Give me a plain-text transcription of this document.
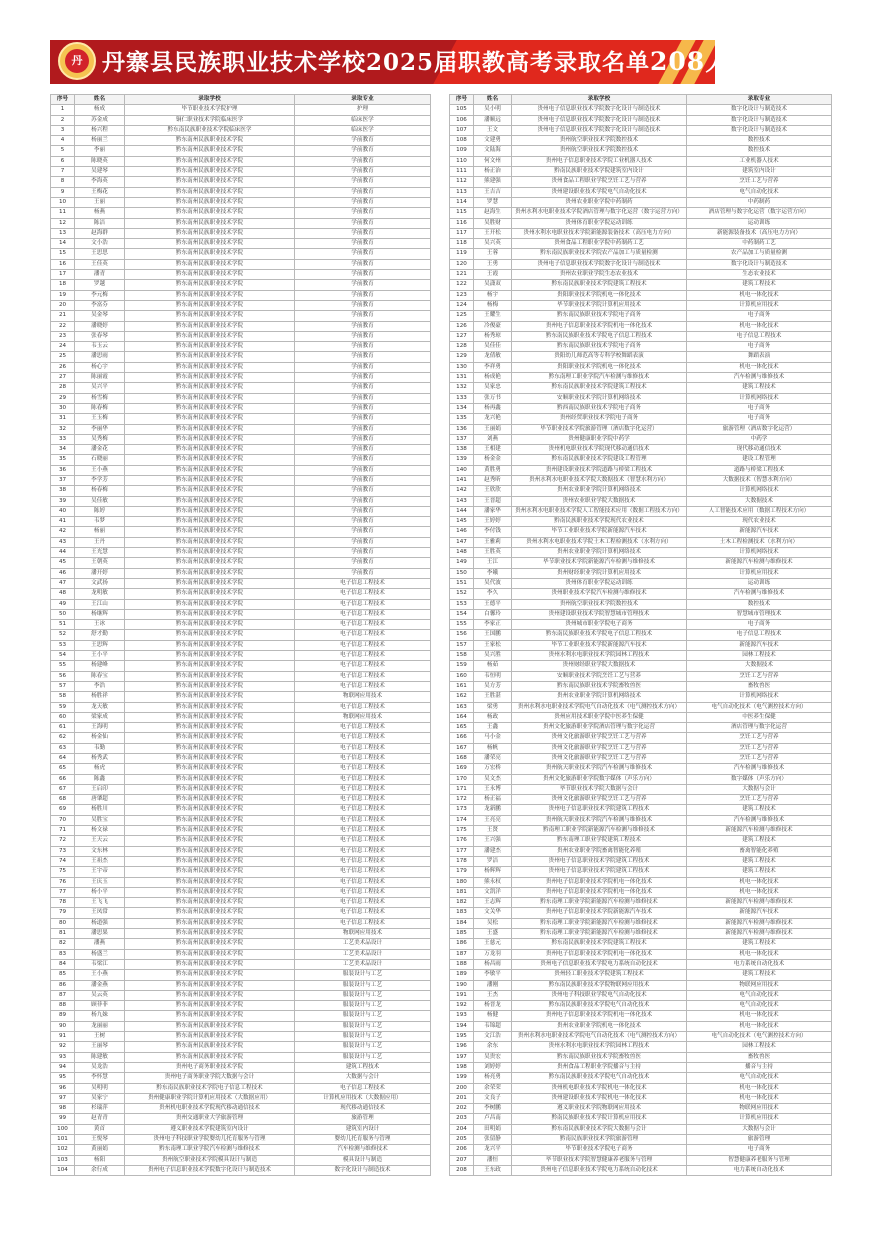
丹 丹寨县民族职业技术学校2025届职教高考录取名单208人
序号	姓名	录取学校	录取专业
1	杨成	毕节职业技术学院护理	护理
2	苏金成	铜仁职业技术学院临床医学	临床医学
3	杨兴程	黔东南民族职业技术学院临床医学	临床医学
4	杨丽兰	黔东南州民族职业技术学院	学前教育
5	李丽	黔东南州民族职业技术学院	学前教育
6	陈晓英	黔东南州民族职业技术学院	学前教育
7	吴建琴	黔东南州民族职业技术学院	学前教育
8	李海英	黔东南州民族职业技术学院	学前教育
9	王梅花	黔东南州民族职业技术学院	学前教育
10	王丽	黔东南州民族职业技术学院	学前教育
11	杨燕	黔东南州民族职业技术学院	学前教育
12	陈洁	黔东南州民族职业技术学院	学前教育
13	赵海群	黔东南州民族职业技术学院	学前教育
14	文小浩	黔东南州民族职业技术学院	学前教育
15	王思思	黔东南州民族职业技术学院	学前教育
16	王佳英	黔东南州民族职业技术学院	学前教育
17	潘青	黔东南州民族职业技术学院	学前教育
18	罗越	黔东南州民族职业技术学院	学前教育
19	李元梅	黔东南州民族职业技术学院	学前教育
20	李富芬	黔东南州民族职业技术学院	学前教育
21	吴金琴	黔东南州民族职业技术学院	学前教育
22	潘晓婷	黔东南州民族职业技术学院	学前教育
23	张春琴	黔东南州民族职业技术学院	学前教育
24	韦玉云	黔东南州民族职业技术学院	学前教育
25	潘思雨	黔东南州民族职业技术学院	学前教育
26	杨心宇	黔东南州民族职业技术学院	学前教育
27	陈丽霞	黔东南州民族职业技术学院	学前教育
28	吴兴平	黔东南州民族职业技术学院	学前教育
29	杨雪梅	黔东南州民族职业技术学院	学前教育
30	陈春梅	黔东南州民族职业技术学院	学前教育
31	王玉梅	黔东南州民族职业技术学院	学前教育
32	李丽华	黔东南州民族职业技术学院	学前教育
33	吴秀梅	黔东南州民族职业技术学院	学前教育
34	潘金花	黔东南州民族职业技术学院	学前教育
35	石晓丽	黔东南州民族职业技术学院	学前教育
36	王小燕	黔东南州民族职业技术学院	学前教育
37	李学芳	黔东南州民族职业技术学院	学前教育
38	杨春梅	黔东南州民族职业技术学院	学前教育
39	吴佳敏	黔东南州民族职业技术学院	学前教育
40	陈婷	黔东南州民族职业技术学院	学前教育
41	韦梦	黔东南州民族职业技术学院	学前教育
42	杨丽	黔东南州民族职业技术学院	学前教育
43	王丹	黔东南州民族职业技术学院	学前教育
44	王光慧	黔东南州民族职业技术学院	学前教育
45	王朝英	黔东南州民族职业技术学院	学前教育
46	潘开婷	黔东南州民族职业技术学院	学前教育
47	文武扬	黔东南州民族职业技术学院	电子信息工程技术
48	龙明敏	黔东南州民族职业技术学院	电子信息工程技术
49	王江山	黔东南州民族职业技术学院	电子信息工程技术
50	杨继辉	黔东南州民族职业技术学院	电子信息工程技术
51	王冰	黔东南州民族职业技术学院	电子信息工程技术
52	舒才勤	黔东南州民族职业技术学院	电子信息工程技术
53	王思辉	黔东南州民族职业技术学院	电子信息工程技术
54	王小平	黔东南州民族职业技术学院	电子信息工程技术
55	杨建峰	黔东南州民族职业技术学院	电子信息工程技术
56	陈春宝	黔东南州民族职业技术学院	电子信息工程技术
57	李浩	黔东南州民族职业技术学院	电子信息工程技术
58	杨胜祥	黔东南州民族职业技术学院	物联网应用技术
59	龙天敏	黔东南州民族职业技术学院	电子信息工程技术
60	梁家成	黔东南州民族职业技术学院	物联网应用技术
61	王海明	黔东南州民族职业技术学院	电子信息工程技术
62	杨金仙	黔东南州民族职业技术学院	电子信息工程技术
63	韦勤	黔东南州民族职业技术学院	电子信息工程技术
64	杨秀武	黔东南州民族职业技术学院	电子信息工程技术
65	杨虎	黔东南州民族职业技术学院	电子信息工程技术
66	陈鑫	黔东南州民族职业技术学院	电子信息工程技术
67	王启印	黔东南州民族职业技术学院	电子信息工程技术
68	唐肇超	黔东南州民族职业技术学院	电子信息工程技术
69	杨胜川	黔东南州民族职业技术学院	电子信息工程技术
70	吴胜宝	黔东南州民族职业技术学院	电子信息工程技术
71	杨文禄	黔东南州民族职业技术学院	电子信息工程技术
72	王天云	黔东南州民族职业技术学院	电子信息工程技术
73	文东林	黔东南州民族职业技术学院	电子信息工程技术
74	王祖杰	黔东南州民族职业技术学院	电子信息工程技术
75	王宇帝	黔东南州民族职业技术学院	电子信息工程技术
76	王庆玉	黔东南州民族职业技术学院	电子信息工程技术
77	杨小平	黔东南州民族职业技术学院	电子信息工程技术
78	王飞飞	黔东南州民族职业技术学院	电子信息工程技术
79	王凤常	黔东南州民族职业技术学院	电子信息工程技术
80	杨道强	黔东南州民族职业技术学院	电子信息工程技术
81	潘思果	黔东南州民族职业技术学院	物联网应用技术
82	潘燕	黔东南州民族职业技术学院	工艺美术品设计
83	杨盛兰	黔东南州民族职业技术学院	工艺美术品设计
84	韦梁江	黔东南州民族职业技术学院	工艺美术品设计
85	王小燕	黔东南州民族职业技术学院	服装设计与工艺
86	潘金燕	黔东南州民族职业技术学院	服装设计与工艺
87	吴云英	黔东南州民族职业技术学院	服装设计与工艺
88	顾菲菲	黔东南州民族职业技术学院	服装设计与工艺
89	杨九妹	黔东南州民族职业技术学院	服装设计与工艺
90	龙丽丽	黔东南州民族职业技术学院	服装设计与工艺
91	王树	黔东南州民族职业技术学院	服装设计与工艺
92	王丽琴	黔东南州民族职业技术学院	服装设计与工艺
93	陈建敏	黔东南州民族职业技术学院	服装设计与工艺
94	吴龙浩	贵州电子商务职业技术学院	建筑工程技术
95	李怀慧	贵州电子商务职业学院大数据与会计	大数据与会计
96	吴明明	黔东南民族职业技术学院电子信息工程技术	电子信息工程技术
97	吴家宁	贵州健康职业学院计算机应用技术（大数据应用）	计算机应用技术（大数据应用）
98	杉瑞萍	贵州机电职业技术学院现代移动通信技术	现代移动通信技术
99	赵青青	贵州交通职业大学旅游管理	旅游管理
100	黄首	遵义职业技术学院建筑室内设计	建筑室内设计
101	王悦琴	贵州电子科技职业学院婴幼儿托育服务与管理	婴幼儿托育服务与管理
102	黄丽娟	黔东南理工职业学院汽车检测与维修技术	汽车检测与维修技术
103	杨阳	贵州航空职业技术学院模具设计与制造	模具设计与制造
104	余行成	贵州电子信息职业技术学院数字化设计与制造技术	数字化设计与制造技术
序号	姓名	录取学校	录取专业
105	吴小明	贵州电子信息职业技术学院数字化设计与制造技术	数字化设计与制造技术
106	潘顺远	贵州电子信息职业技术学院数字化设计与制造技术	数字化设计与制造技术
107	王文	贵州电子信息职业技术学院数字化设计与制造技术	数字化设计与制造技术
108	文建勇	贵州航空职业技术学院数控技术	数控技术
109	文陆海	贵州航空职业技术学院数控技术	数控技术
110	何文州	贵州电子信息职业技术学院工业机器人技术	工业机器人技术
111	杨正治	黔南民族职业技术学院建筑室内设计	建筑室内设计
112	熊建强	贵州食品工程职业学院烹饪工艺与营养	烹饪工艺与营养
113	王吉吉	贵州建设职业技术学院电气自动化技术	电气自动化技术
114	罗慧	贵州农业职业学院中药制药	中药制药
115	赵海生	贵州水利水电职业技术学院酒店管理与数字化运营（数字运营方向）	酒店管理与数字化运营（数字运营方向）
116	吴胜财	贵州体育职业学院运动训练	运动训练
117	王开松	贵州水利水电职业技术学院新能源装备技术（高压电力方向）	新能源装备技术（高压电力方向）
118	吴兴英	贵州食品工程职业学院中药制药工艺	中药制药工艺
119	王蓉	黔东南民族职业技术学院农产品加工与质量检测	农产品加工与质量检测
120	王勇	贵州电子信息职业技术学院数字化设计与制造技术	数字化设计与制造技术
121	王霞	贵州农业职业学院生态农业技术	生态农业技术
122	吴潇双	黔东南民族职业技术学院建筑工程技术	建筑工程技术
123	杨宇	贵阳职业技术学院机电一体化技术	机电一体化技术
124	杨梅	毕节职业技术学院计算机应用技术	计算机应用技术
125	王耀生	黔东南民族职业技术学院电子商务	电子商务
126	冷俊豪	贵州电子信息职业技术学院机电一体化技术	机电一体化技术
127	杨秀琼	黔东南民族职业技术学院电子信息工程技术	电子信息工程技术
128	吴佳佳	黔东南民族职业技术学院电子商务	电子商务
129	龙倩敏	贵阳幼儿师范高等专科学校舞蹈表演	舞蹈表演
130	李祥勇	贵阳职业技术学院机电一体化技术	机电一体化技术
131	杨成艳	黔东南理工职业学院汽车检测与维修技术	汽车检测与维修技术
132	吴家忠	黔东南民族职业技术学院建筑工程技术	建筑工程技术
133	张万书	安顺职业技术学院计算机网络技术	计算机网络技术
134	杨再鑫	黔西南民族职业技术学院电子商务	电子商务
135	龙兴艳	贵州经贸职业技术学院电子商务	电子商务
136	王丽娟	毕节职业技术学院旅游管理（酒店数字化运营）	旅游管理（酒店数字化运营）
137	刘燕	贵州健康职业学院中药学	中药学
138	王相建	贵州机电职业技术学院现代移动通信技术	现代移动通信技术
139	杨金金	黔东南民族职业技术学院建设工程管理	建设工程管理
140	黄胜勇	贵州建设职业技术学院道路与桥梁工程技术	道路与桥梁工程技术
141	赵秀昕	贵州水利水电职业技术学院大数据技术（智慧水利方向）	大数据技术（智慧水利方向）
142	王欣欣	贵州农业职业学院计算机网络技术	计算机网络技术
143	王晋超	贵州农业职业学院大数据技术	大数据技术
144	潘家华	贵州水利水电职业技术学院人工智能技术应用（数据工程技术方向）	人工智能技术应用（数据工程技术方向）
145	王婷婷	黔南民族职业技术学院现代农业技术	现代农业技术
146	李付钱	毕节工业职业技术学院新能源汽车技术	新能源汽车技术
147	王雅莉	贵州水利水电职业技术学院土木工程检测技术（水利方向）	土木工程检测技术（水利方向）
148	王胜英	贵州农业职业学院计算机网络技术	计算机网络技术
149	王江	毕节职业技术学院新能源汽车检测与维修技术	新能源汽车检测与维修技术
150	李娥	贵州财经职业学院计算机应用技术	计算机应用技术
151	吴代波	贵州体育职业学院运动训练	运动训练
152	李久	贵州职业技术学院汽车检测与维修技术	汽车检测与维修技术
153	王德平	贵州航空职业技术学院数控技术	数控技术
154	白馨玲	贵州建设职业技术学院智慧城市管理技术	智慧城市管理技术
155	李家正	贵州城市职业学院电子商务	电子商务
156	王国鹏	黔东南民族职业技术学院电子信息工程技术	电子信息工程技术
157	王家松	毕节工业职业技术学院新能源汽车技术	新能源汽车技术
158	吴兴胜	贵州水利水电职业技术学院园林工程技术	园林工程技术
159	杨茹	贵州财经职业学院大数据技术	大数据技术
160	韦恒明	安顺职业技术学院烹饪工艺与营养	烹饪工艺与营养
161	吴方芳	黔东南民族职业技术学院畜牧兽医	畜牧兽医
162	王胜湛	贵州农业职业学院计算机网络技术	计算机网络技术
163	梁勇	贵州水利水电职业技术学院电气自动化技术（电气测控技术方向）	电气自动化技术（电气测控技术方向）
164	杨政	贵州应用技术职业学院中医养生保健	中医养生保健
165	王鑫	贵州文化旅游职业学院酒店管理与数字化运营	酒店管理与数字化运营
166	马小金	贵州文化旅游职业学院烹饪工艺与营养	烹饪工艺与营养
167	杨帆	贵州文化旅游职业学院烹饪工艺与营养	烹饪工艺与营养
168	潘荣亮	贵州文化旅游职业学院烹饪工艺与营养	烹饪工艺与营养
169	万宏桥	贵州航天职业技术学院汽车检测与维修技术	汽车检测与维修技术
170	吴文杰	贵州文化旅游职业学院数字媒体（声乐方向）	数字媒体（声乐方向）
171	王永博	毕节职业技术学院大数据与会计	大数据与会计
172	杨正福	贵州文化旅游职业学院烹饪工艺与营养	烹饪工艺与营养
173	龙新鹏	贵州电子信息职业技术学院建筑工程技术	建筑工程技术
174	王亮亮	贵州航天职业技术学院汽车检测与维修技术	汽车检测与维修技术
175	王贤	黔南理工职业学院新能源汽车检测与维修技术	新能源汽车检测与维修技术
176	王兴强	黔东南理工职业学院建筑工程技术	建筑工程技术
177	潘建杰	贵州农业职业学院畜禽智能化养殖	畜禽智能化养殖
178	罗洁	贵州电子信息职业技术学院建筑工程技术	建筑工程技术
179	杨辉辉	贵州电子信息职业技术学院建筑工程技术	建筑工程技术
180	熊永权	贵州电子信息职业技术学院机电一体化技术	机电一体化技术
181	文凯洋	贵州电子信息职业技术学院机电一体化技术	机电一体化技术
182	王志辉	黔东南理工职业学院新能源汽车检测与维修技术	新能源汽车检测与维修技术
183	文关华	贵州电子信息职业技术学院新能源汽车技术	新能源汽车技术
184	吴松	黔东南理工职业学院新能源汽车检测与维修技术	新能源汽车检测与维修技术
185	王盛	黔东南理工职业学院新能源汽车检测与维修技术	新能源汽车检测与维修技术
186	王慈元	黔东南民族职业技术学院建筑工程技术	建筑工程技术
187	万龙羽	贵州电子信息职业技术学院机电一体化技术	机电一体化技术
188	杨昌雨	贵州电子信息职业技术学院电力系统自动化技术	电力系统自动化技术
189	李敏平	贵州轻工职业技术学院建筑工程技术	建筑工程技术
190	潘刚	黔东南民族职业技术学院物联网应用技术	物联网应用技术
191	王杰	贵州电子科技职业学院电气自动化技术	电气自动化技术
192	杨晋龙	黔东南民族职业技术学院电气自动化技术	电气自动化技术
193	杨健	贵州电子信息职业技术学院机电一体化技术	机电一体化技术
194	韦锦超	贵州农业职业学院机电一体化技术	机电一体化技术
195	文江浩	贵州水利水电职业技术学院电气自动化技术（电气测控技术方向）	电气自动化技术（电气测控技术方向）
196	余东	贵州水利水电职业技术学院园林工程技术	园林工程技术
197	吴贵宏	黔东南民族职业技术学院畜牧兽医	畜牧兽医
198	刘婷婷	贵州食品工程职业学院播音与主持	播音与主持
199	杨亮勇	黔东南民族职业技术学院电气自动化技术	电气自动化技术
200	余荣荣	贵州机电职业技术学院机电一体化技术	机电一体化技术
201	文良子	贵州建设职业技术学院机电一体化技术	机电一体化技术
202	李树鹏	遵义职业技术学院物联网应用技术	物联网应用技术
203	卢昌南	黔南民族职业技术学院计算机应用技术	计算机应用技术
204	田明娟	黔东南民族职业技术学院大数据与会计	大数据与会计
205	张留静	黔南民族职业技术学院旅游管理	旅游管理
206	龙兴平	毕节职业技术学院电子商务	电子商务
207	潘恒	毕节职业技术学院智慧健康养老服务与管理	智慧健康养老服务与管理
208	王东政	贵州电子信息职业技术学院电力系统自动化技术	电力系统自动化技术
贵州中职查查gzzcc.com
